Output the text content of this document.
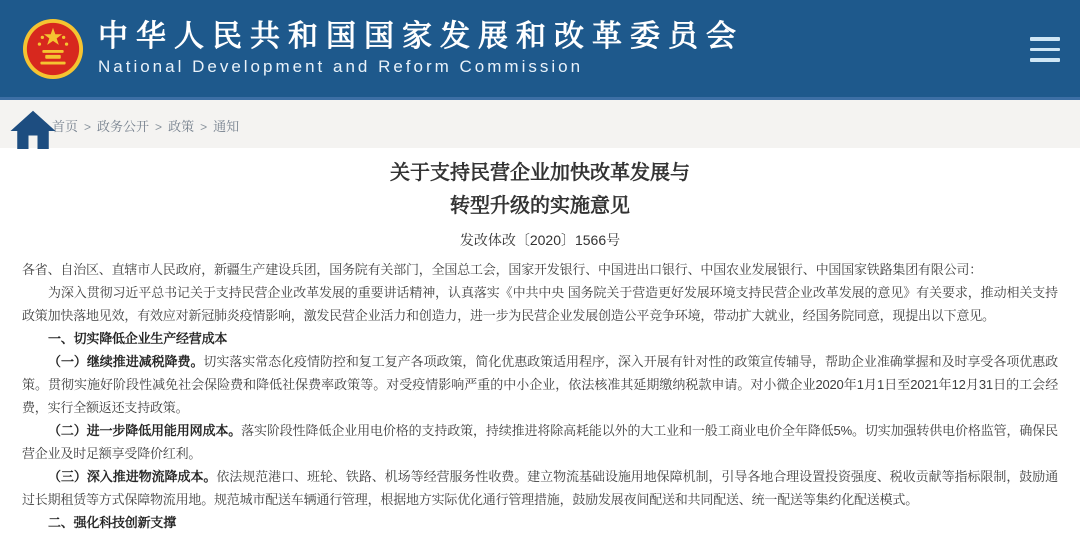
中华人民共和国国家发展和改革委员会
National Development and Reform Commission
首页 > 政务公开 > 政策 > 通知
关于支持民营企业加快改革发展与
转型升级的实施意见
发改体改〔2020〕1566号

各省、自治区、直辖市人民政府，新疆生产建设兵团，国务院有关部门，全国总工会，国家开发银行、中国进出口银行、中国农业发展银行、中国国家铁路集团有限公司：

为深入贯彻习近平总书记关于支持民营企业改革发展的重要讲话精神，认真落实《中共中央 国务院关于营造更好发展环境支持民营企业改革发展的意见》有关要求，推动相关支持政策加快落地见效，有效应对新冠肺炎疫情影响，激发民营企业活力和创造力，进一步为民营企业发展创造公平竞争环境，带动扩大就业，经国务院同意，现提出以下意见。

一、切实降低企业生产经营成本

（一）继续推进减税降费。切实落实常态化疫情防控和复工复产各项政策，简化优惠政策适用程序，深入开展有针对性的政策宣传辅导，帮助企业准确掌握和及时享受各项优惠政策。贯彻实施好阶段性减免社会保险费和降低社保费率政策等。对受疫情影响严重的中小企业，依法核准其延期缴纳税款申请。对小微企业2020年1月1日至2021年12月31日的工会经费，实行全额返还支持政策。

（二）进一步降低用能用网成本。落实阶段性降低企业用电价格的支持政策，持续推进将除高耗能以外的大工业和一般工商业电价全年降低5%。切实加强转供电价格监管，确保民营企业及时足额享受降价红利。

（三）深入推进物流降成本。依法规范港口、班轮、铁路、机场等经营服务性收费。建立物流基础设施用地保障机制，引导各地合理设置投资强度、税收贡献等指标限制，鼓励通过长期租赁等方式保障物流用地。规范城市配送车辆通行管理，根据地方实际优化通行管理措施，鼓励发展夜间配送和共同配送、统一配送等集约化配送模式。

二、强化科技创新支撑
